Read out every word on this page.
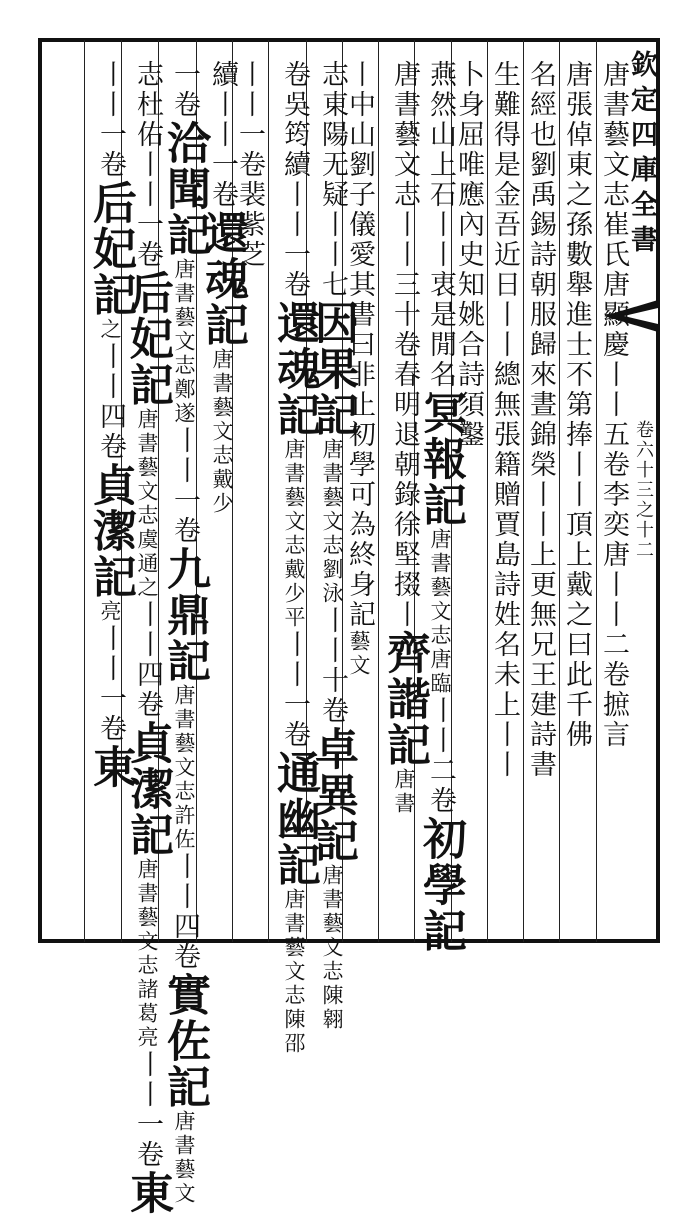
欽定四庫全書
卷六十三之十二
唐書藝文志崔氏唐顯慶丨丨五卷李奕唐丨丨二卷摭言
唐張倬東之孫數舉進士不第捧丨丨頂上戴之曰此千佛
名經也劉禹錫詩朝服歸來晝錦榮丨丨上更無兄王建詩書
生難得是金吾近日丨丨總無張籍贈賈島詩姓名未上丨丨
卜身屈唯應內史知姚合詩須鑿
燕然山上石丨丨衷是閒名冥報記唐書藝文志唐臨丨丨二卷初學記
唐書藝文志丨丨三十卷春明退朝錄徐堅掇丨齊諧記唐書
丨中山劉子儀愛其書曰非止初學可為終身記藝文
志東陽无疑丨丨七因果記唐書藝文志劉泳丨丨十卷卓異記唐書藝文志陳翱
卷吳筠續丨丨一卷還魂記唐書藝文志戴少平丨丨一卷通幽記唐書藝文志陳邵
丨丨一卷裴紫芝
續丨丨一卷還魂記唐書藝文志戴少
一卷洽聞記唐書藝文志鄭遂丨丨一卷九鼎記唐書藝文志許佐丨丨四卷實佐記唐書藝文
志杜佑丨丨一卷后妃記唐書藝文志虞通之丨丨四卷貞潔記唐書藝文志諸葛亮丨丨一卷東
丨丨一卷后妃記之丨丨四卷貞潔記亮丨丨一卷東
